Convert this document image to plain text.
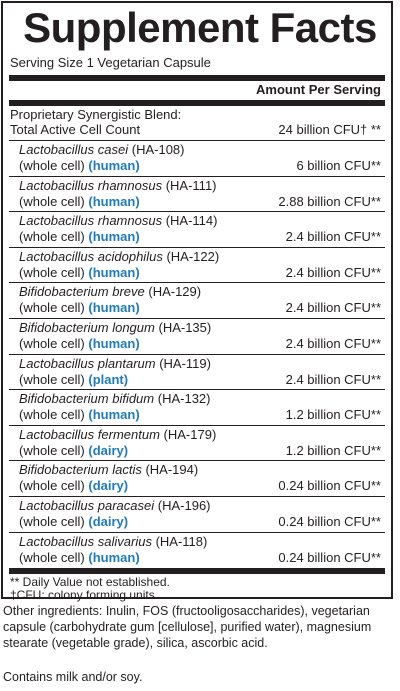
Supplement Facts
Serving Size 1 Vegetarian Capsule
Amount Per Serving
Proprietary Synergistic Blend:
Total Active Cell Count	24 billion CFU† **
Lactobacillus casei (HA-108)
(whole cell) (human)	6 billion CFU**
Lactobacillus rhamnosus (HA-111)
(whole cell) (human)	2.88 billion CFU**
Lactobacillus rhamnosus (HA-114)
(whole cell) (human)	2.4 billion CFU**
Lactobacillus acidophilus (HA-122)
(whole cell) (human)	2.4 billion CFU**
Bifidobacterium breve (HA-129)
(whole cell) (human)	2.4 billion CFU**
Bifidobacterium longum (HA-135)
(whole cell) (human)	2.4 billion CFU**
Lactobacillus plantarum (HA-119)
(whole cell) (plant)	2.4 billion CFU**
Bifidobacterium bifidum (HA-132)
(whole cell) (human)	1.2 billion CFU**
Lactobacillus fermentum (HA-179)
(whole cell) (dairy)	1.2 billion CFU**
Bifidobacterium lactis (HA-194)
(whole cell) (dairy)	0.24 billion CFU**
Lactobacillus paracasei (HA-196)
(whole cell) (dairy)	0.24 billion CFU**
Lactobacillus salivarius (HA-118)
(whole cell) (human)	0.24 billion CFU**
** Daily Value not established.
†CFU: colony forming units
Other ingredients: Inulin, FOS (fructooligosaccharides), vegetarian capsule (carbohydrate gum [cellulose], purified water), magnesium stearate (vegetable grade), silica, ascorbic acid.
Contains milk and/or soy.
